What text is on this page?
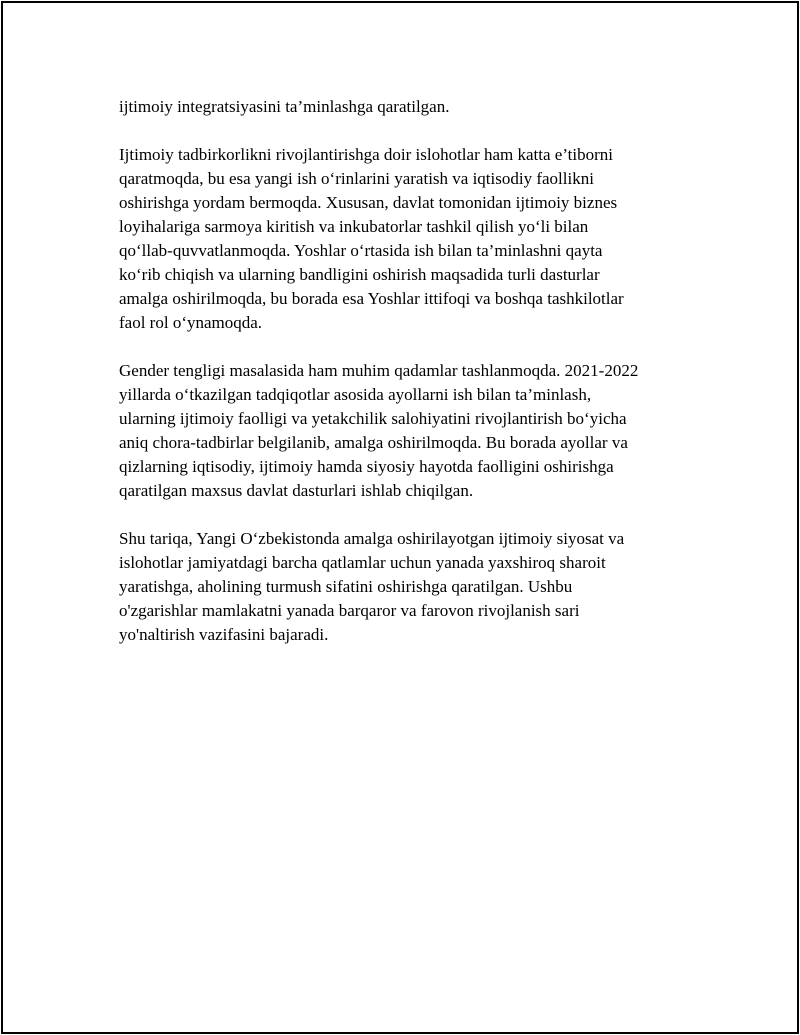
ijtimoiy integratsiyasini ta’minlashga qaratilgan.

Ijtimoiy tadbirkorlikni rivojlantirishga doir islohotlar ham katta e’tiborni
qaratmoqda, bu esa yangi ish o‘rinlarini yaratish va iqtisodiy faollikni
oshirishga yordam bermoqda. Xususan, davlat tomonidan ijtimoiy biznes
loyihalariga sarmoya kiritish va inkubatorlar tashkil qilish yo‘li bilan
qo‘llab-quvvatlanmoqda. Yoshlar o‘rtasida ish bilan ta’minlashni qayta
ko‘rib chiqish va ularning bandligini oshirish maqsadida turli dasturlar
amalga oshirilmoqda, bu borada esa Yoshlar ittifoqi va boshqa tashkilotlar
faol rol o‘ynamoqda.

Gender tengligi masalasida ham muhim qadamlar tashlanmoqda. 2021-2022
yillarda o‘tkazilgan tadqiqotlar asosida ayollarni ish bilan ta’minlash,
ularning ijtimoiy faolligi va yetakchilik salohiyatini rivojlantirish bo‘yicha
aniq chora-tadbirlar belgilanib, amalga oshirilmoqda. Bu borada ayollar va
qizlarning iqtisodiy, ijtimoiy hamda siyosiy hayotda faolligini oshirishga
qaratilgan maxsus davlat dasturlari ishlab chiqilgan.

Shu tariqa, Yangi O‘zbekistonda amalga oshirilayotgan ijtimoiy siyosat va
islohotlar jamiyatdagi barcha qatlamlar uchun yanada yaxshiroq sharoit
yaratishga, aholining turmush sifatini oshirishga qaratilgan. Ushbu
o'zgarishlar mamlakatni yanada barqaror va farovon rivojlanish sari
yo'naltirish vazifasini bajaradi.
